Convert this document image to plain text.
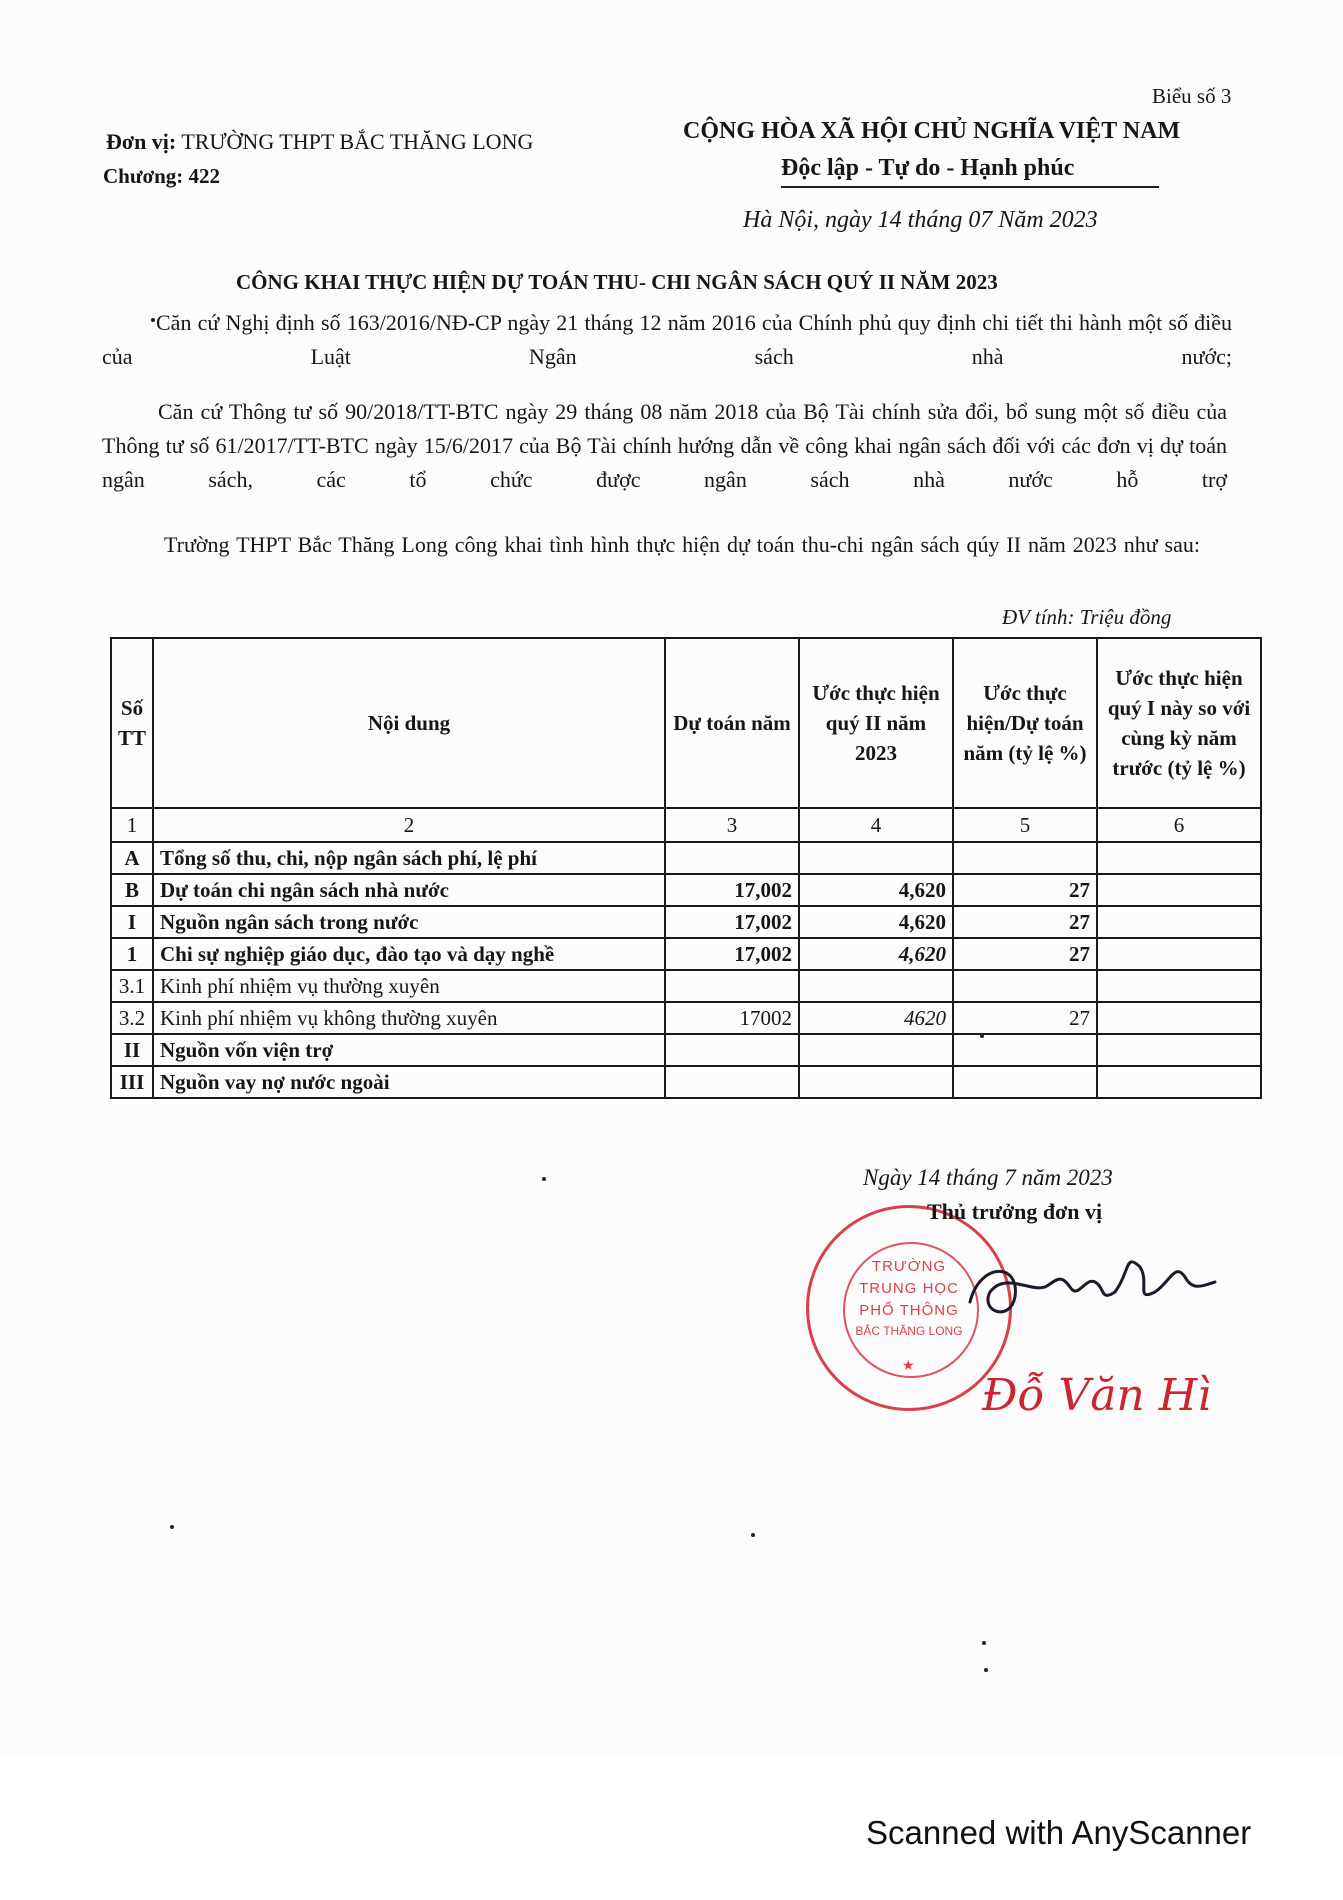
Biểu số 3
Đơn vị: TRƯỜNG THPT BẮC THĂNG LONG
Chương: 422
CỘNG HÒA XÃ HỘI CHỦ NGHĨA VIỆT NAM
Độc lập - Tự do - Hạnh phúc
Hà Nội, ngày 14 tháng 07 Năm 2023
CÔNG KHAI THỰC HIỆN DỰ TOÁN THU- CHI NGÂN SÁCH QUÝ II NĂM 2023
Căn cứ Nghị định số 163/2016/NĐ-CP ngày 21 tháng 12 năm 2016 của Chính phủ quy định chi tiết thi hành một số điều của Luật Ngân sách nhà nước;
Căn cứ Thông tư số 90/2018/TT-BTC ngày 29 tháng 08 năm 2018 của Bộ Tài chính sửa đổi, bổ sung một số điều của Thông tư số 61/2017/TT-BTC ngày 15/6/2017 của Bộ Tài chính hướng dẫn về công khai ngân sách đối với các đơn vị dự toán ngân sách, các tổ chức được ngân sách nhà nước hỗ trợ
Trường THPT Bắc Thăng Long công khai tình hình thực hiện dự toán thu-chi ngân sách qúy II năm 2023 như sau:
ĐV tính: Triệu đồng
Số TT	Nội dung	Dự toán năm	Ước thực hiện quý II năm 2023	Ước thực hiện/Dự toán năm (tỷ lệ %)	Ước thực hiện quý I này so với cùng kỳ năm trước (tỷ lệ %)
1	2	3	4	5	6
A	Tổng số thu, chi, nộp ngân sách phí, lệ phí				
B	Dự toán chi ngân sách nhà nước	17,002	4,620	27	
I	Nguồn ngân sách trong nước	17,002	4,620	27	
1	Chi sự nghiệp giáo dục, đào tạo và dạy nghề	17,002	4,620	27	
3.1	Kinh phí nhiệm vụ thường xuyên				
3.2	Kinh phí nhiệm vụ không thường xuyên	17002	4620	27	
II	Nguồn vốn viện trợ				
III	Nguồn vay nợ nước ngoài				
Ngày 14 tháng 7 năm 2023
TRƯỜNG
TRUNG HỌC
PHỔ THÔNG
BẮC THĂNG LONG
★
Thủ trưởng đơn vị
Đỗ Văn Hì
Scanned with AnyScanner
